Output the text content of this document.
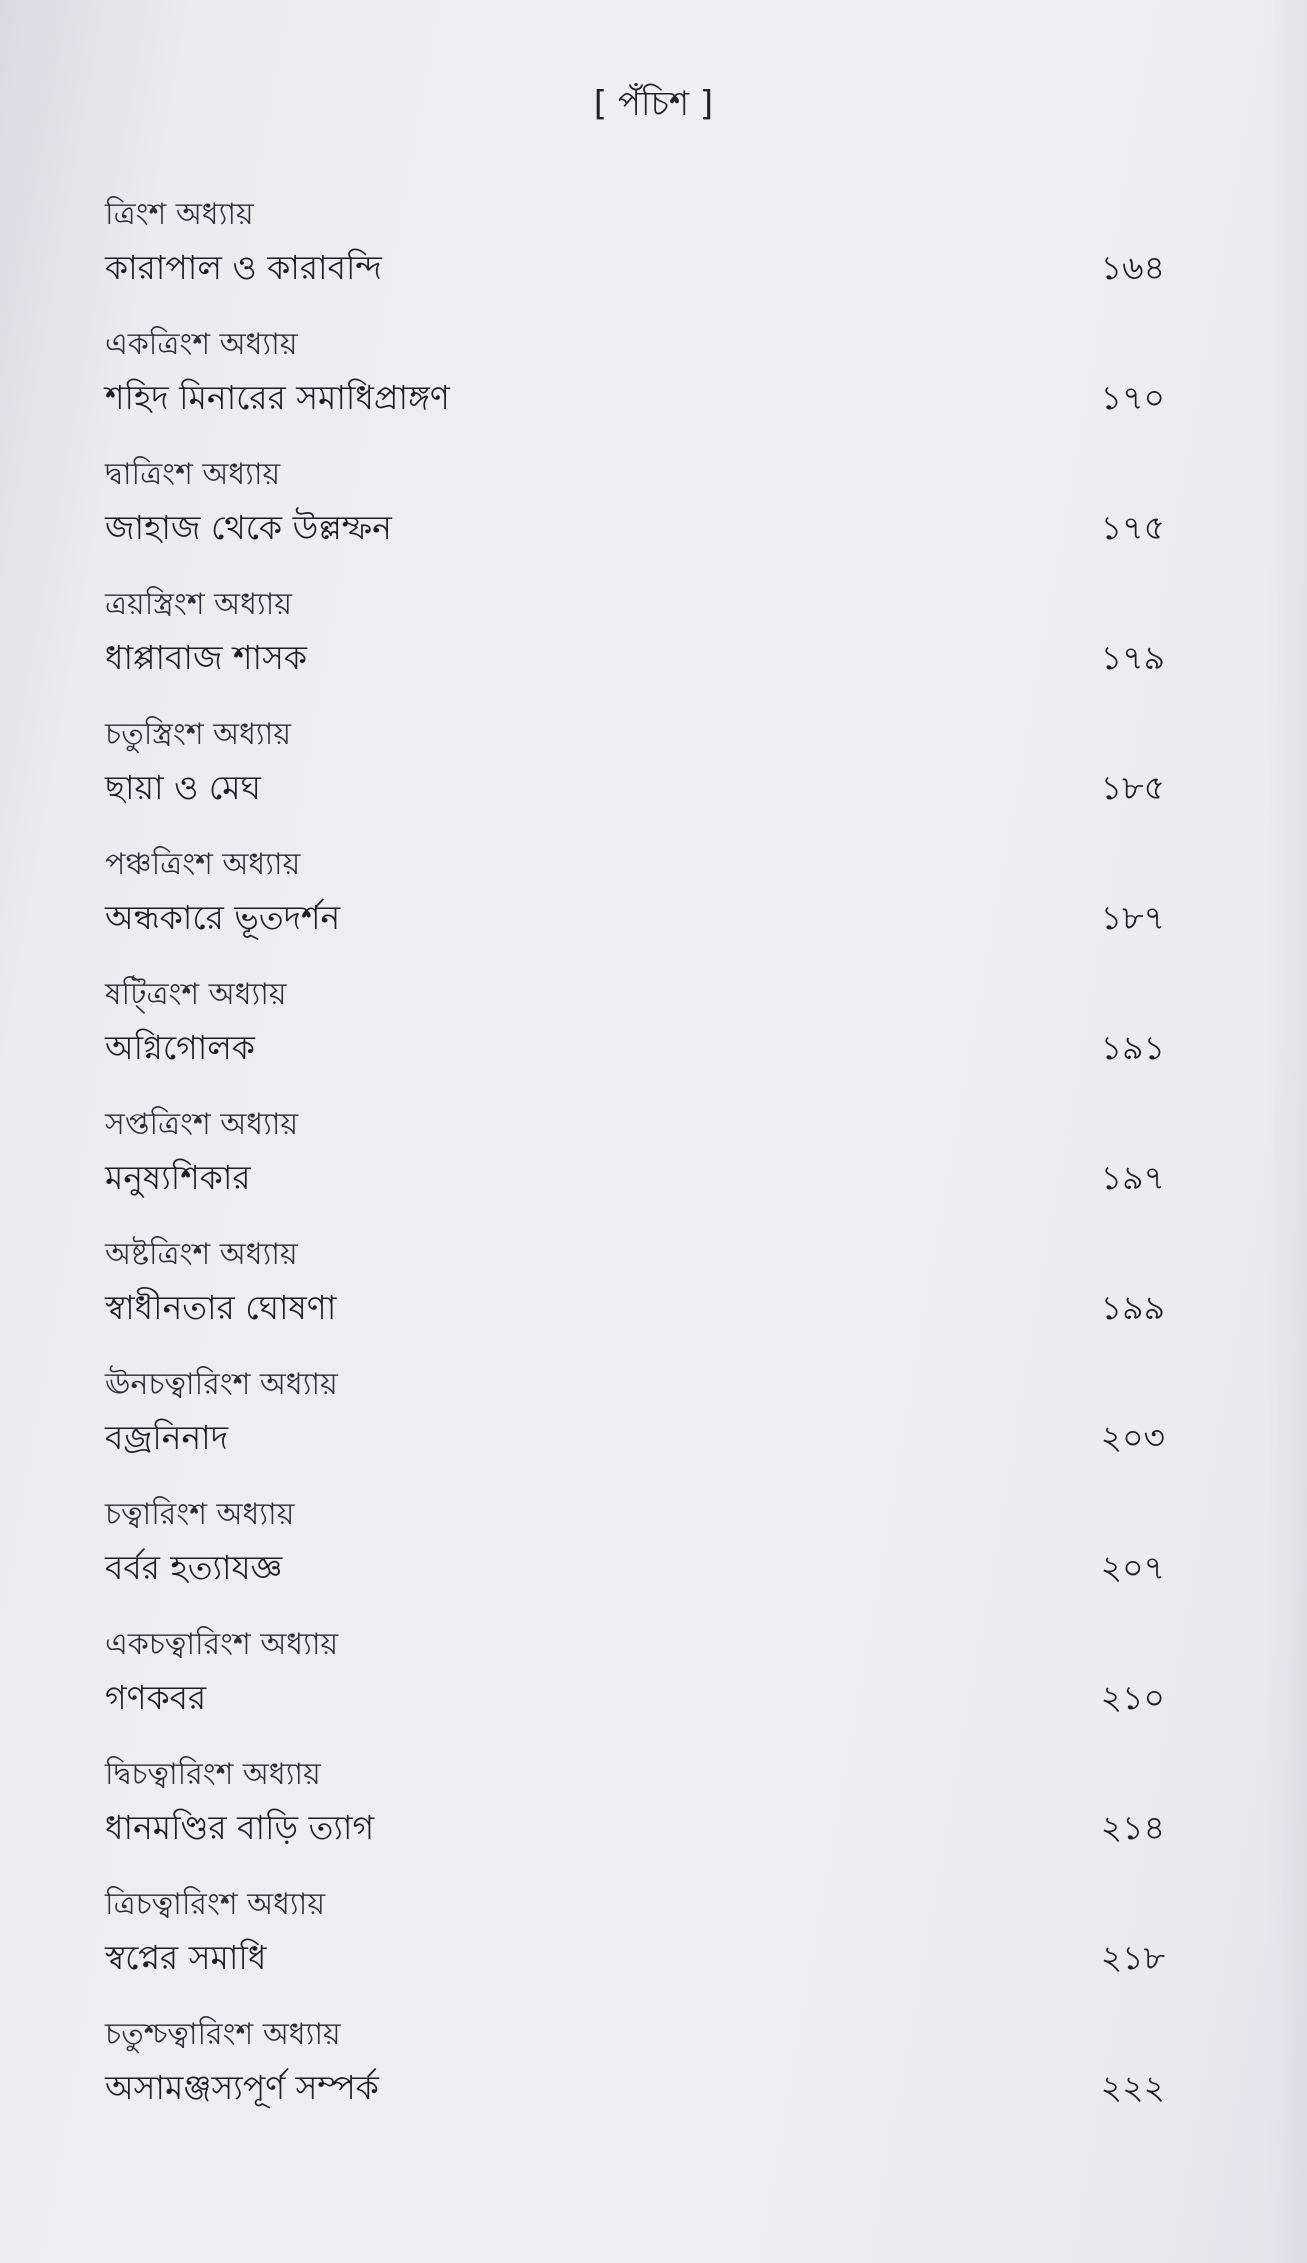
[ পঁচিশ ]
ত্রিংশ অধ্যায়
কারাপাল ও কারাবন্দি	১৬৪
একত্রিংশ অধ্যায়
শহিদ মিনারের সমাধিপ্রাঙ্গণ	১৭০
দ্বাত্রিংশ অধ্যায়
জাহাজ থেকে উল্লম্ফন	১৭৫
ত্রয়স্ত্রিংশ অধ্যায়
ধাপ্পাবাজ শাসক	১৭৯
চতুস্ত্রিংশ অধ্যায়
ছায়া ও মেঘ	১৮৫
পঞ্চত্রিংশ অধ্যায়
অন্ধকারে ভূতদর্শন	১৮৭
ষট্ত্রিংশ অধ্যায়
অগ্নিগোলক	১৯১
সপ্তত্রিংশ অধ্যায়
মনুষ্যশিকার	১৯৭
অষ্টত্রিংশ অধ্যায়
স্বাধীনতার ঘোষণা	১৯৯
ঊনচত্বারিংশ অধ্যায়
বজ্রনিনাদ	২০৩
চত্বারিংশ অধ্যায়
বর্বর হত্যাযজ্ঞ	২০৭
একচত্বারিংশ অধ্যায়
গণকবর	২১০
দ্বিচত্বারিংশ অধ্যায়
ধানমণ্ডির বাড়ি ত্যাগ	২১৪
ত্রিচত্বারিংশ অধ্যায়
স্বপ্নের সমাধি	২১৮
চতুশ্চত্বারিংশ অধ্যায়
অসামঞ্জস্যপূর্ণ সম্পর্ক	২২২
